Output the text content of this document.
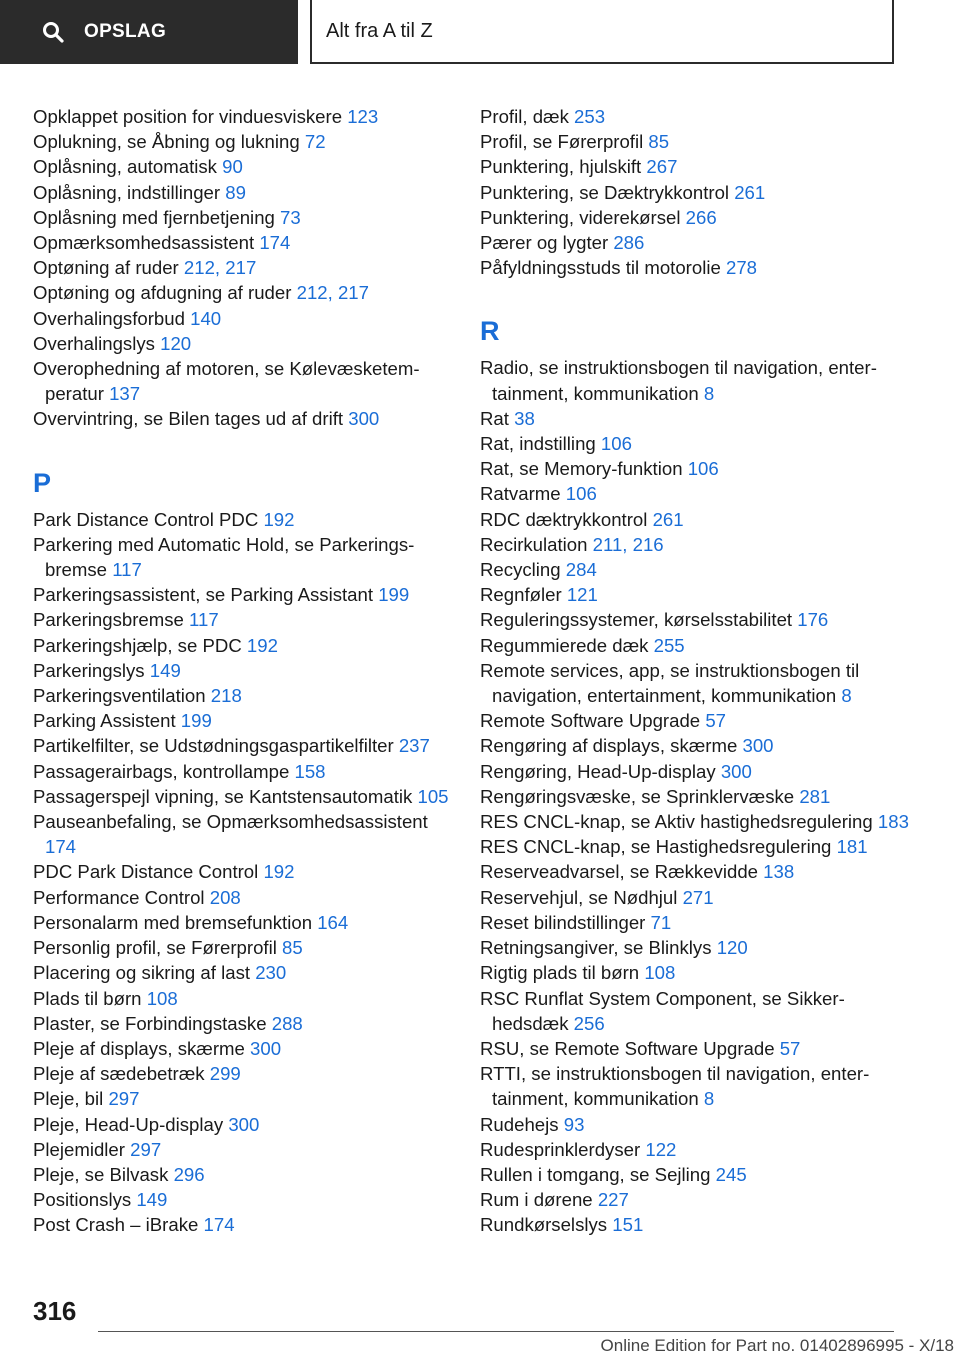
OPSLAG	Alt fra A til Z
Opklappet position for vinduesviskere 123
Oplukning, se Åbning og lukning 72
Oplåsning, automatisk 90
Oplåsning, indstillinger 89
Oplåsning med fjernbetjening 73
Opmærksomhedsassistent 174
Optøning af ruder 212, 217
Optøning og afdugning af ruder 212, 217
Overhalingsforbud 140
Overhalingslys 120
Overophedning af motoren, se Kølevæsketemperatur 137
Overvintring, se Bilen tages ud af drift 300
P
Park Distance Control PDC 192
Parkering med Automatic Hold, se Parkeringsbremse 117
Parkeringsassistent, se Parking Assistant 199
Parkeringsbremse 117
Parkeringshjælp, se PDC 192
Parkeringslys 149
Parkeringsventilation 218
Parking Assistent 199
Partikelfilter, se Udstødningsgaspartikelfilter 237
Passagerairbags, kontrollampe 158
Passagerspejl vipning, se Kantstensautomatik 105
Pauseanbefaling, se Opmærksomhedsassistent 174
PDC Park Distance Control 192
Performance Control 208
Personalarm med bremsefunktion 164
Personlig profil, se Førerprofil 85
Placering og sikring af last 230
Plads til børn 108
Plaster, se Forbindingstaske 288
Pleje af displays, skærme 300
Pleje af sædebetræk 299
Pleje, bil 297
Pleje, Head-Up-display 300
Plejemidler 297
Pleje, se Bilvask 296
Positionslys 149
Post Crash – iBrake 174
Profil, dæk 253
Profil, se Førerprofil 85
Punktering, hjulskift 267
Punktering, se Dæktrykkontrol 261
Punktering, viderekørsel 266
Pærer og lygter 286
Påfyldningsstuds til motorolie 278
R
Radio, se instruktionsbogen til navigation, entertainment, kommunikation 8
Rat 38
Rat, indstilling 106
Rat, se Memory-funktion 106
Ratvarme 106
RDC dæktrykkontrol 261
Recirkulation 211, 216
Recycling 284
Regnføler 121
Reguleringssystemer, kørselsstabilitet 176
Regummierede dæk 255
Remote services, app, se instruktionsbogen til navigation, entertainment, kommunikation 8
Remote Software Upgrade 57
Rengøring af displays, skærme 300
Rengøring, Head-Up-display 300
Rengøringsvæske, se Sprinklervæske 281
RES CNCL-knap, se Aktiv hastighedsregulering 183
RES CNCL-knap, se Hastighedsregulering 181
Reserveadvarsel, se Rækkevidde 138
Reservehjul, se Nødhjul 271
Reset bilindstillinger 71
Retningsangiver, se Blinklys 120
Rigtig plads til børn 108
RSC Runflat System Component, se Sikkerhedsdæk 256
RSU, se Remote Software Upgrade 57
RTTI, se instruktionsbogen til navigation, entertainment, kommunikation 8
Rudehejs 93
Rudesprinklerdyser 122
Rullen i tomgang, se Sejling 245
Rum i dørene 227
Rundkørselslys 151
316
Online Edition for Part no. 01402896995 - X/18
